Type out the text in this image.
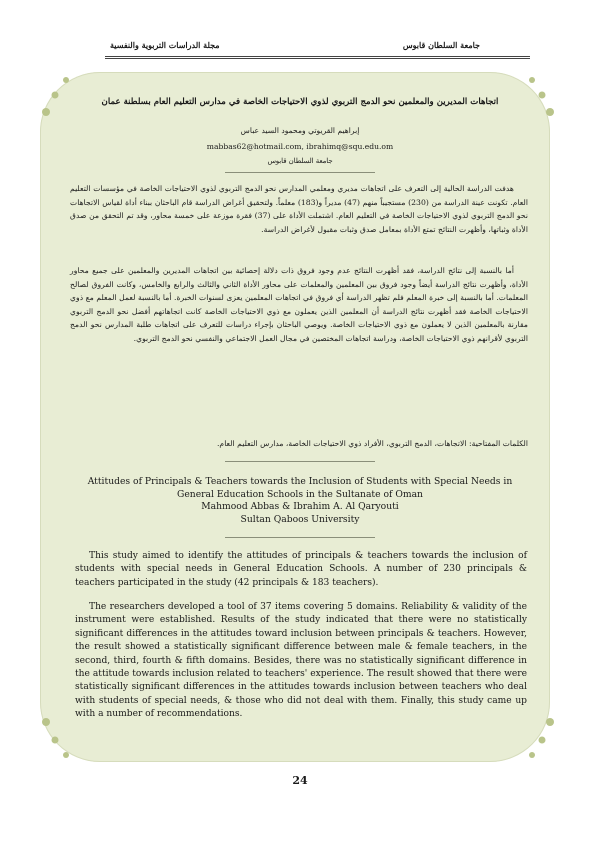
جامعة السلطان قابوس
مجلة الدراسات التربوية والنفسية
اتجاهات المديرين والمعلمين نحو الدمج التربوي لذوي الاحتياجات الخاصة في مدارس التعليم العام بسلطنة عمان
إبراهيم القريوتي ومحمود السيد عباس
mabbas62@hotmail.com, ibrahimq@squ.edu.om
جامعة السلطان قابوس

هدفت الدراسة الحالية إلى التعرف على اتجاهات مديري ومعلمي المدارس نحو الدمج التربوي لذوي الاحتياجات الخاصة في مؤسسات التعليم العام. تكونت عينة الدراسة من (230) مستجيباً منهم (47) مديراً و(183) معلماً. ولتحقيق أغراض الدراسة قام الباحثان ببناء أداة لقياس الاتجاهات نحو الدمج التربوي لذوي الاحتياجات الخاصة في التعليم العام. اشتملت الأداة على (37) فقرة موزعة على خمسة محاور، وقد تم التحقق من صدق الأداة وثباتها، وأظهرت النتائج تمتع الأداة بمعامل صدق وثبات مقبول لأغراض الدراسة.

أما بالنسبة إلى نتائج الدراسة، فقد أظهرت النتائج عدم وجود فروق ذات دلالة إحصائية بين اتجاهات المديرين والمعلمين على جميع محاور الأداة، وأظهرت نتائج الدراسة أيضاً وجود فروق بين المعلمين والمعلمات على محاور الأداة الثاني والثالث والرابع والخامس، وكانت الفروق لصالح المعلمات. أما بالنسبة إلى خبرة المعلم فلم تظهر الدراسة أي فروق في اتجاهات المعلمين يعزى لسنوات الخبرة. أما بالنسبة لعمل المعلم مع ذوي الاحتياجات الخاصة فقد أظهرت نتائج الدراسة أن المعلمين الذين يعملون مع ذوي الاحتياجات الخاصة كانت اتجاهاتهم أفضل نحو الدمج التربوي مقارنة بالمعلمين الذين لا يعملون مع ذوي الاحتياجات الخاصة. ويوصي الباحثان بإجراء دراسات للتعرف على اتجاهات طلبة المدارس نحو الدمج التربوي لأقرانهم ذوي الاحتياجات الخاصة، ودراسة اتجاهات المختصين في مجال العمل الاجتماعي والنفسي نحو الدمج التربوي.

الكلمات المفتاحية: الاتجاهات، الدمج التربوي، الأفراد ذوي الاحتياجات الخاصة، مدارس التعليم العام.

Attitudes of Principals & Teachers towards the Inclusion of Students with Special Needs in General Education Schools in the Sultanate of Oman
Mahmood Abbas & Ibrahim A. Al Qaryouti
Sultan Qaboos University

This study aimed to identify the attitudes of principals & teachers towards the inclusion of students with special needs in General Education Schools. A number of 230 principals & teachers participated in the study (42 principals & 183 teachers).

The researchers developed a tool of 37 items covering 5 domains. Reliability & validity of the instrument were established. Results of the study indicated that there were no statistically significant differences in the attitudes toward inclusion between principals & teachers. However, the result showed a statistically significant difference between male & female teachers, in the second, third, fourth & fifth domains. Besides, there was no statistically significant difference in the attitude towards inclusion related to teachers' experience. The result showed that there were statistically significant differences in the attitudes towards inclusion between teachers who deal with students of special needs, & those who did not deal with them. Finally, this study came up with a number of recommendations.

24
